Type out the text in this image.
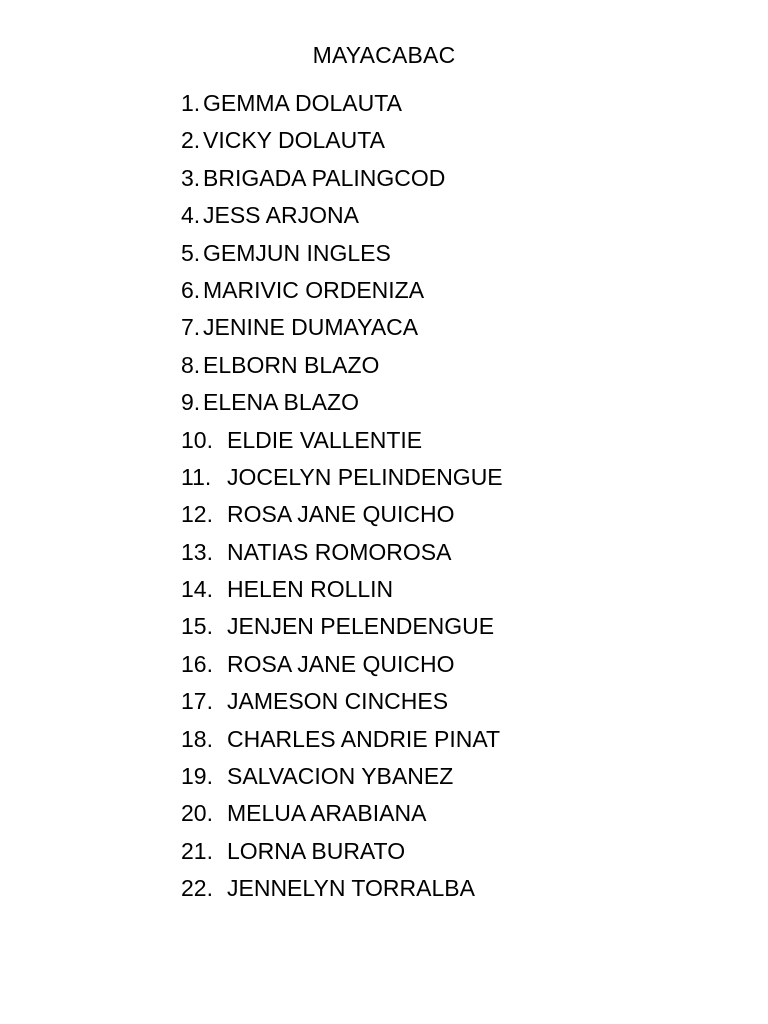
MAYACABAC
1. GEMMA DOLAUTA
2. VICKY DOLAUTA
3. BRIGADA PALINGCOD
4. JESS ARJONA
5. GEMJUN INGLES
6. MARIVIC ORDENIZA
7. JENINE DUMAYACA
8. ELBORN BLAZO
9. ELENA BLAZO
10. ELDIE VALLENTIE
11. JOCELYN PELINDENGUE
12. ROSA JANE QUICHO
13. NATIAS ROMOROSA
14. HELEN ROLLIN
15. JENJEN PELENDENGUE
16. ROSA JANE QUICHO
17. JAMESON CINCHES
18. CHARLES ANDRIE PINAT
19. SALVACION YBANEZ
20. MELUA ARABIANA
21. LORNA BURATO
22. JENNELYN TORRALBA
